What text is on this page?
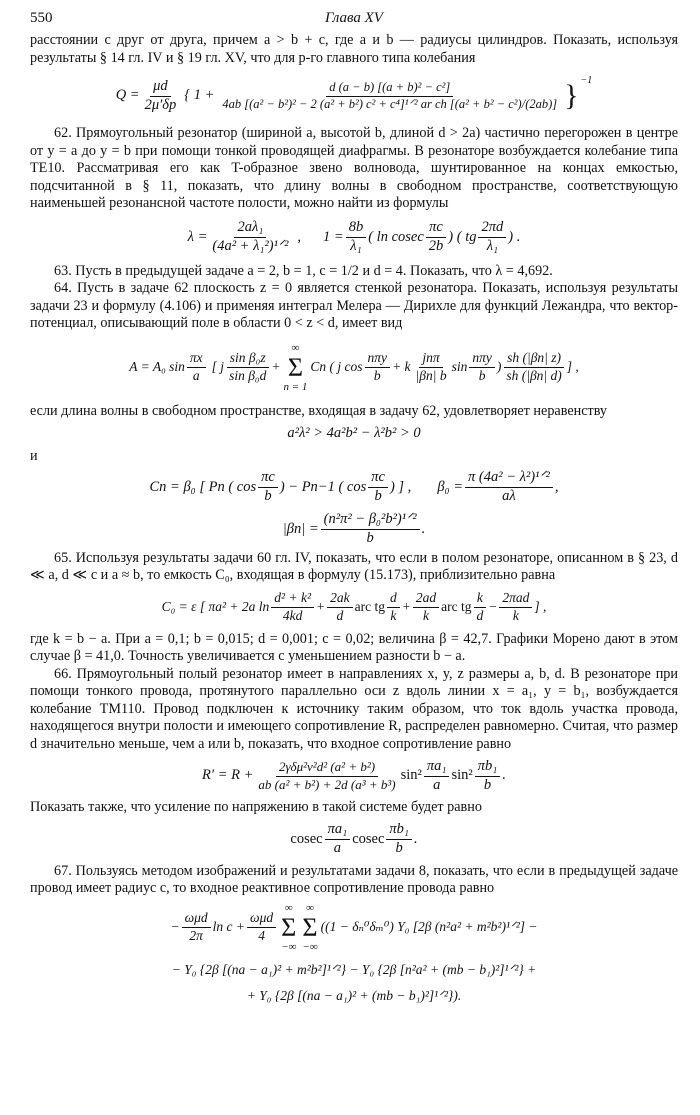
550	Глава XV

расстоянии c друг от друга, причем a > b + c, где a и b — радиусы цилиндров. Показать, используя результаты § 14 гл. IV и § 19 гл. XV, что для p-го главного типа колебания

$Q = \frac{\mu d}{2\mu'\delta p}$ { 1 +
d (a − b) [(a + b)² − c²]
4ab [(a² − b²)² − 2 (a² + b²) c² + c⁴]¹ᐟ² ar ch [(a² + b² − c²)/(2ab)] }$^{-1}$

62. Прямоугольный резонатор (шириной a, высотой b, длиной d > 2a) частично перегорожен в центре от y = a до y = b при помощи тонкой проводящей диафрагмы. В резонаторе возбуждается колебание типа TE10. Рассматривая его как T-образное звено волновода, шунтированное на концах емкостью, подсчитанной в § 11, показать, что длину волны в свободном пространстве, соответствующую наименьшей резонансной частоте полости, можно найти из формулы

$\lambda = \frac{\text{2aλ₁}}{\text{(4a² + λ₁²)¹ᐟ²}}$ , $1 = \frac{8b}{\text{λ₁}}$ ( ln cosec $\frac{\pi c}{2b}$ ) ( tg $\frac{2\pi d}{\text{λ₁}}$ ) .

63. Пусть в предыдущей задаче a = 2, b = 1, c = 1/2 и d = 4. Показать, что λ = 4,692.

64. Пусть в задаче 62 плоскость z = 0 является стенкой резонатора. Показать, используя результаты задачи 23 и формулу (4.106) и применяя интеграл Мелера — Дирихле для функций Лежандра, что вектор-потенциал, описывающий поле в области 0 < z < d, имеет вид

A = A₀ $\sin \frac{\pi x}{a}$ [ j $\frac{\text{sin β₀z}}{\text{sin β₀d}}$ +
∞
Σ
n = 1
Cn ( j $\cos \frac{\text{nπy}}{b} + k \frac{\text{jnπ}}{|\beta n| b}$ $\sin \frac{\text{nπy}}{b}$ ) $\frac{sh (|\beta n| z)}{sh (|\beta n| d)}$ ] ,

если длина волны в свободном пространстве, входящая в задачу 62, удовлетворяет неравенству

a²λ² > 4a²b² − λ²b² > 0

и

Cn = β₀ [ Pn ( $\cos \frac{\pi c}{b}$ ) − Pn−1 ( $\cos \frac{\pi c}{b}$ ) ] , $\beta_0 = \frac{\text{π (4a² − λ²)¹ᐟ²}}{a\lambda}$ ,
$|\beta n| = \frac{\text{(n²π² − β₀²b²)¹ᐟ²}}{b}$ .

65. Используя результаты задачи 60 гл. IV, показать, что если в полом резонаторе, описанном в § 23, d ≪ a, d ≪ c и a ≈ b, то емкость C₀, входящая в формулу (15.173), приблизительно равна

C₀ = ε [ πa² + 2a $\ln \frac{\text{d² + k²}}{4kd} + \frac{2ak}{d}$ arc tg $\frac{d}{k} + \frac{2ad}{k}$ arc tg $\frac{k}{d} - \frac{\text{2πad}}{k}$ ] ,

где k = b − a. При a = 0,1; b = 0,015; d = 0,001; c = 0,02; величина β = 42,7. Графики Морено дают в этом случае β = 41,0. Точность увеличивается с уменьшением разности b − a.

66. Прямоугольный полый резонатор имеет в направлениях x, y, z размеры a, b, d. В резонаторе при помощи тонкого провода, протянутого параллельно оси z вдоль линии x = a₁, y = b₁, возбуждается колебание TM110. Провод подключен к источнику таким образом, что ток вдоль участка провода, находящегося внутри полости и имеющего сопротивление R, распределен равномерно. Считая, что размер d значительно меньше, чем a или b, показать, что входное сопротивление равно

$R' = R + \frac{\text{2γδμ²v²d² (a² + b²)}}{\text{ab (a² + b²) + 2d (a³ + b³)}} \sin^2 \frac{\text{πa₁}}{a} \sin^2 \frac{\text{πb₁}}{b}$ .

Показать также, что усиление по напряжению в такой системе будет равно

cosec $\frac{\text{πa₁}}{a}$ cosec $\frac{\text{πb₁}}{b}$ .

67. Пользуясь методом изображений и результатами задачи 8, показать, что если в предыдущей задаче провод имеет радиус c, то входное реактивное сопротивление провода равно

− $\frac{\text{ωμd}}{2\pi}$ $\ln c + \frac{\text{ωμd}}{4}$
∞
Σ
−∞
∞
Σ
−∞
((1 − δₙ⁰δₘ⁰) Y₀ [2β (n²a² + m²b²)¹ᐟ²] −
− Y₀ {2β [(na − a₁)² + m²b²]¹ᐟ²} − Y₀ {2β [n²a² + (mb − b₁)²]¹ᐟ²} +
+ Y₀ {2β [(na − a₁)² + (mb − b₁)²]¹ᐟ²}).
